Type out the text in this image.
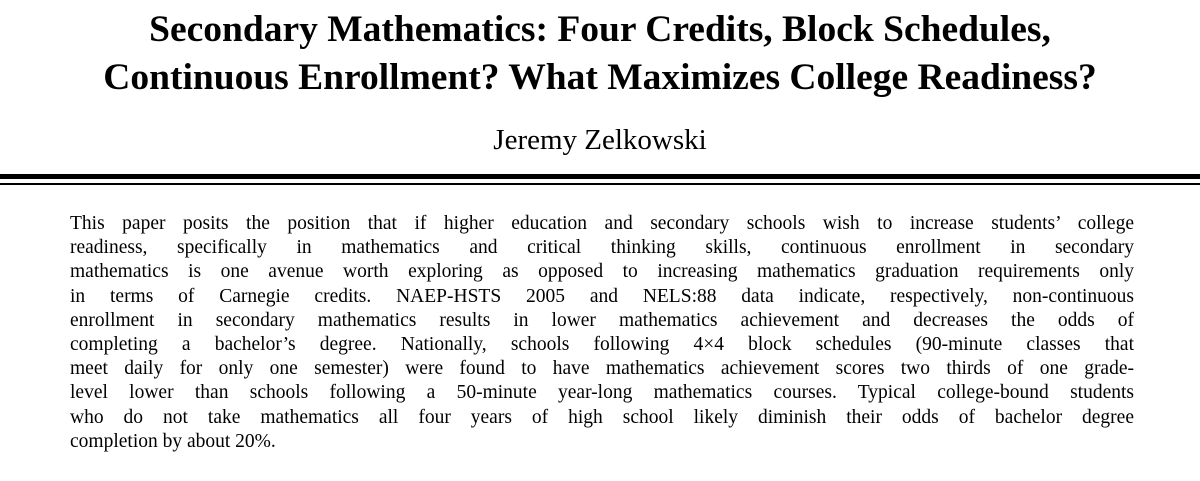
Secondary Mathematics: Four Credits, Block Schedules,
Continuous Enrollment? What Maximizes College Readiness?
Jeremy Zelkowski
This paper posits the position that if higher education and secondary schools wish to increase students’ college
readiness, specifically in mathematics and critical thinking skills, continuous enrollment in secondary
mathematics is one avenue worth exploring as opposed to increasing mathematics graduation requirements only
in terms of Carnegie credits. NAEP-HSTS 2005 and NELS:88 data indicate, respectively, non-continuous
enrollment in secondary mathematics results in lower mathematics achievement and decreases the odds of
completing a bachelor’s degree. Nationally, schools following 4×4 block schedules (90-minute classes that
meet daily for only one semester) were found to have mathematics achievement scores two thirds of one grade-
level lower than schools following a 50-minute year-long mathematics courses. Typical college-bound students
who do not take mathematics all four years of high school likely diminish their odds of bachelor degree
completion by about 20%.
